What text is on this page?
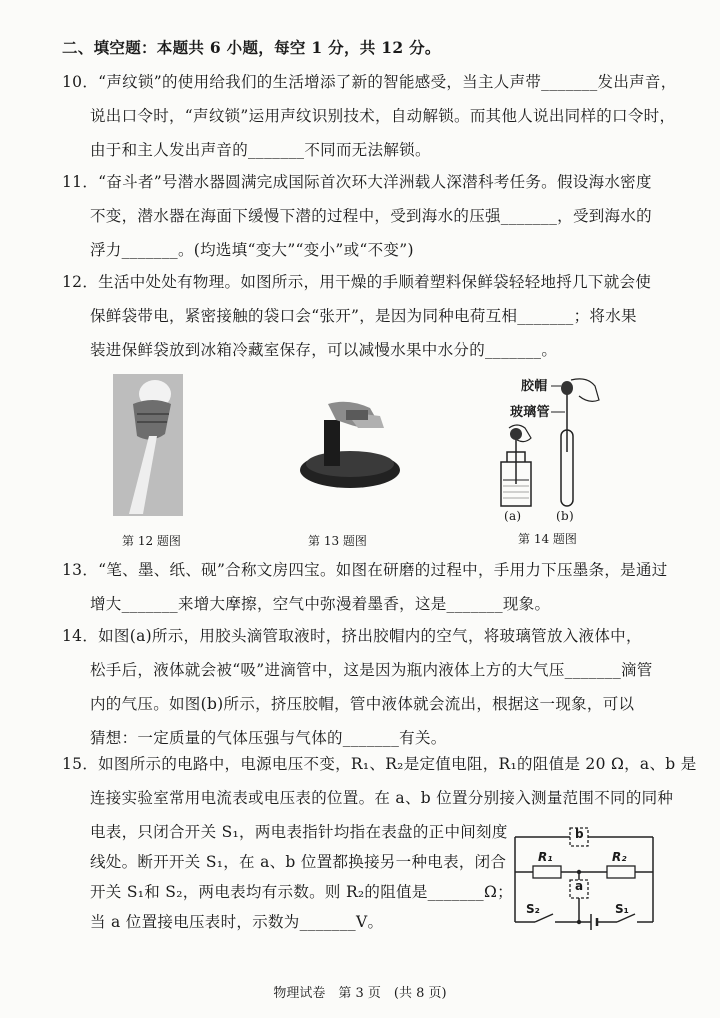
二、填空题：本题共 6 小题，每空 1 分，共 12 分。
10．“声纹锁”的使用给我们的生活增添了新的智能感受，当主人声带_______发出声音，
说出口令时，“声纹锁”运用声纹识别技术，自动解锁。而其他人说出同样的口令时，
由于和主人发出声音的_______不同而无法解锁。
11．“奋斗者”号潜水器圆满完成国际首次环大洋洲载人深潜科考任务。假设海水密度
不变，潜水器在海面下缓慢下潜的过程中，受到海水的压强_______，受到海水的
浮力_______。(均选填“变大”“变小”或“不变”)
12．生活中处处有物理。如图所示，用干燥的手顺着塑料保鲜袋轻轻地捋几下就会使
保鲜袋带电，紧密接触的袋口会“张开”，是因为同种电荷互相_______；将水果
装进保鲜袋放到冰箱冷藏室保存，可以减慢水果中水分的_______。
胶帽
玻璃管
(a)	(b)
第 12 题图	第 13 题图	第 14 题图
13．“笔、墨、纸、砚”合称文房四宝。如图在研磨的过程中，手用力下压墨条，是通过
增大_______来增大摩擦，空气中弥漫着墨香，这是_______现象。
14．如图(a)所示，用胶头滴管取液时，挤出胶帽内的空气，将玻璃管放入液体中，
松手后，液体就会被“吸”进滴管中，这是因为瓶内液体上方的大气压_______滴管
内的气压。如图(b)所示，挤压胶帽，管中液体就会流出，根据这一现象，可以
猜想：一定质量的气体压强与气体的_______有关。
15．如图所示的电路中，电源电压不变，R₁、R₂是定值电阻，R₁的阻值是 20 Ω，a、b 是
连接实验室常用电流表或电压表的位置。在 a、b 位置分别接入测量范围不同的同种
电表，只闭合开关 S₁，两电表指针均指在表盘的正中间刻度
线处。断开开关 S₁，在 a、b 位置都换接另一种电表，闭合
开关 S₁和 S₂，两电表均有示数。则 R₂的阻值是_______Ω；
当 a 位置接电压表时，示数为_______V。
b
a
R₁	R₂
S₂	S₁
物理试卷　第 3 页　(共 8 页)
